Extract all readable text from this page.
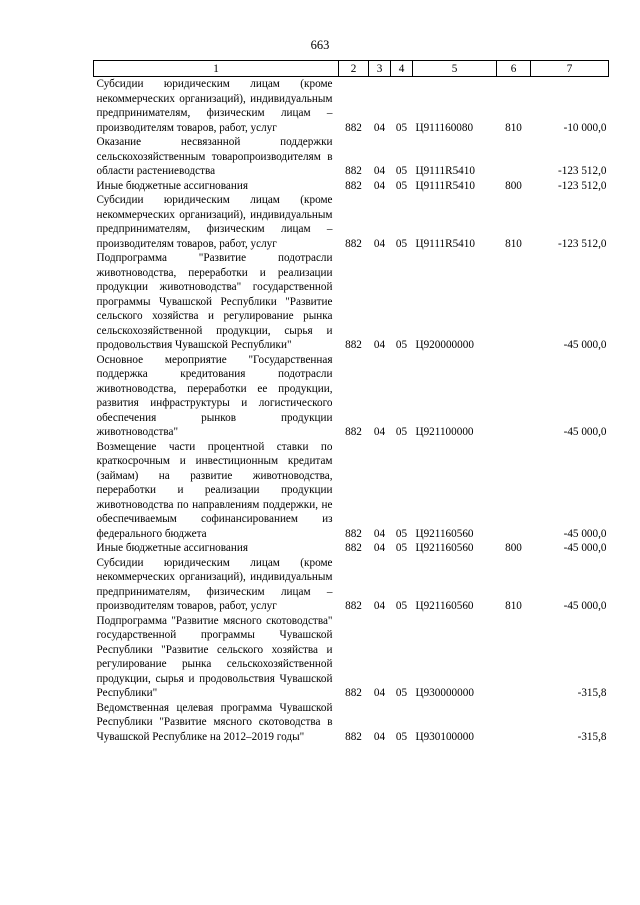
663
1	2	3	4	5	6	7
Субсидии юридическим лицам (кроме некоммерческих организаций), индивидуальным предпринимателям, физическим лицам – производителям товаров, работ, услуг	882	04	05	Ц911160080	810	-10 000,0
Оказание несвязанной поддержки сельскохозяйственным товаропроизводителям в области растениеводства	882	04	05	Ц9111R5410		-123 512,0
Иные бюджетные ассигнования	882	04	05	Ц9111R5410	800	-123 512,0
Субсидии юридическим лицам (кроме некоммерческих организаций), индивидуальным предпринимателям, физическим лицам – производителям товаров, работ, услуг	882	04	05	Ц9111R5410	810	-123 512,0
Подпрограмма "Развитие подотрасли животноводства, переработки и реализации продукции животноводства" государственной программы Чувашской Республики "Развитие сельского хозяйства и регулирование рынка сельскохозяйственной продукции, сырья и продовольствия Чувашской Республики"	882	04	05	Ц920000000		-45 000,0
Основное мероприятие "Государственная поддержка кредитования подотрасли животноводства, переработки ее продукции, развития инфраструктуры и логистического обеспечения рынков продукции животноводства"	882	04	05	Ц921100000		-45 000,0
Возмещение части процентной ставки по краткосрочным и инвестиционным кредитам (займам) на развитие животноводства, переработки и реализации продукции животноводства по направлениям поддержки, не обеспечиваемым софинансированием из федерального бюджета	882	04	05	Ц921160560		-45 000,0
Иные бюджетные ассигнования	882	04	05	Ц921160560	800	-45 000,0
Субсидии юридическим лицам (кроме некоммерческих организаций), индивидуальным предпринимателям, физическим лицам – производителям товаров, работ, услуг	882	04	05	Ц921160560	810	-45 000,0
Подпрограмма "Развитие мясного скотоводства" государственной программы Чувашской Республики "Развитие сельского хозяйства и регулирование рынка сельскохозяйственной продукции, сырья и продовольствия Чувашской Республики"	882	04	05	Ц930000000		-315,8
Ведомственная целевая программа Чувашской Республики "Развитие мясного скотоводства в Чувашской Республике на 2012–2019 годы"	882	04	05	Ц930100000		-315,8
